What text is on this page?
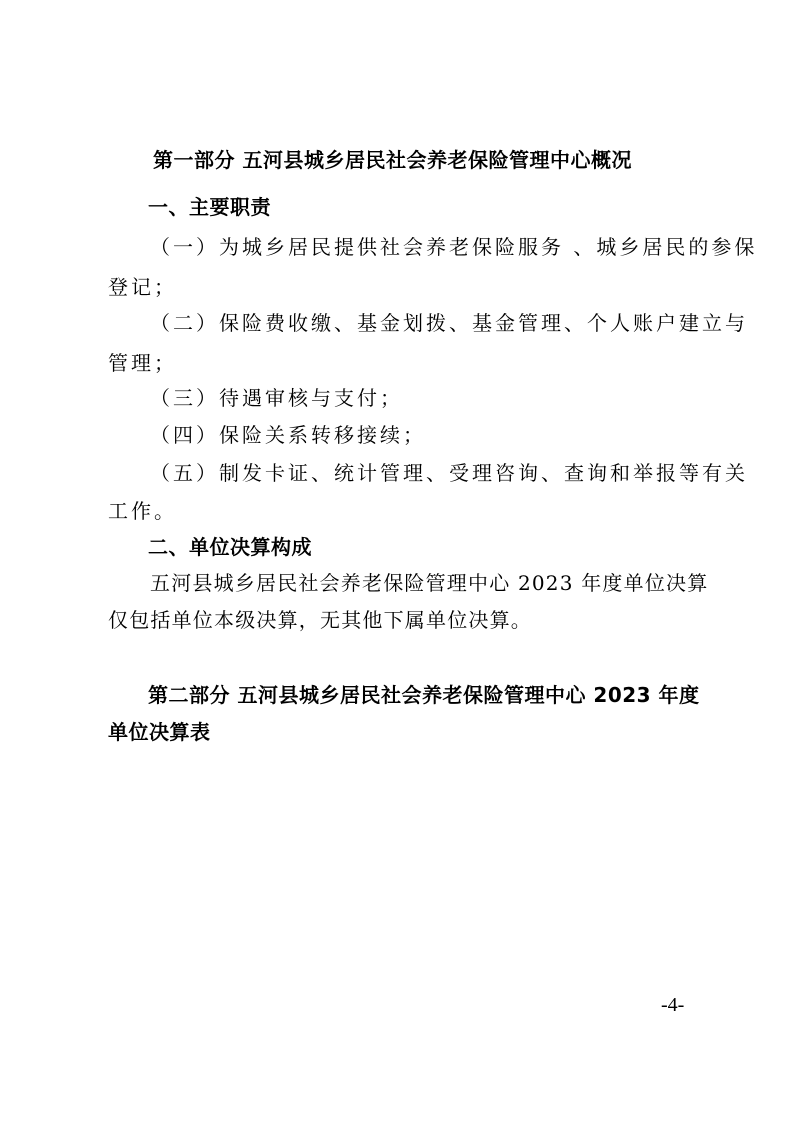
第一部分 五河县城乡居民社会养老保险管理中心概况
一、主要职责
（一）为城乡居民提供社会养老保险服务 、城乡居民的参保
登记；
（二）保险费收缴、基金划拨、基金管理、个人账户建立与
管理；
（三）待遇审核与支付；
（四）保险关系转移接续；
（五）制发卡证、统计管理、受理咨询、查询和举报等有关
工作。
二、单位决算构成
五河县城乡居民社会养老保险管理中心 2023 年度单位决算
仅包括单位本级决算，无其他下属单位决算。
第二部分 五河县城乡居民社会养老保险管理中心 2023 年度
单位决算表
-4-
